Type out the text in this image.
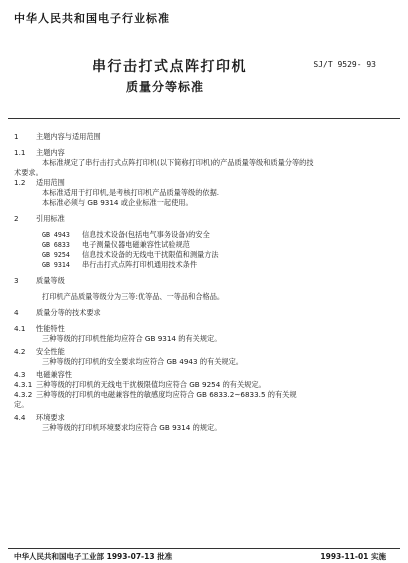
中华人民共和国电子行业标准
串行击打式点阵打印机	SJ/T 9529- 93
质量分等标准
1 主题内容与适用范围
1.1 主题内容
本标准规定了串行击打式点阵打印机(以下简称打印机)的产品质量等级和质量分等的技
术要求。
1.2 适用范围
本标准适用于打印机,是考核打印机产品质量等级的依据.
本标准必须与 GB 9314 或企业标准一起使用。
2 引用标准
GB 4943 信息技术设备(包括电气事务设备)的安全
GB 6833 电子测量仪器电磁兼容性试验规范
GB 9254 信息技术设备的无线电干扰限值和测量方法
GB 9314 串行击打式点阵打印机通用技术条件
3 质量等级
打印机产品质量等级分为三等:优等品、一等品和合格品。
4 质量分等的技术要求
4.1 性能特性
三种等级的打印机性能均应符合 GB 9314 的有关规定。
4.2 安全性能
三种等级的打印机的安全要求均应符合 GB 4943 的有关规定。
4.3 电磁兼容性
4.3.1 三种等级的打印机的无线电干扰极限值均应符合 GB 9254 的有关规定。
4.3.2 三种等级的打印机的电磁兼容性的敏感度均应符合 GB 6833.2~6833.5 的有关规
定。
4.4 环境要求
三种等级的打印机环境要求均应符合 GB 9314 的规定。
中华人民共和国电子工业部 1993-07-13 批准	1993-11-01 实施
